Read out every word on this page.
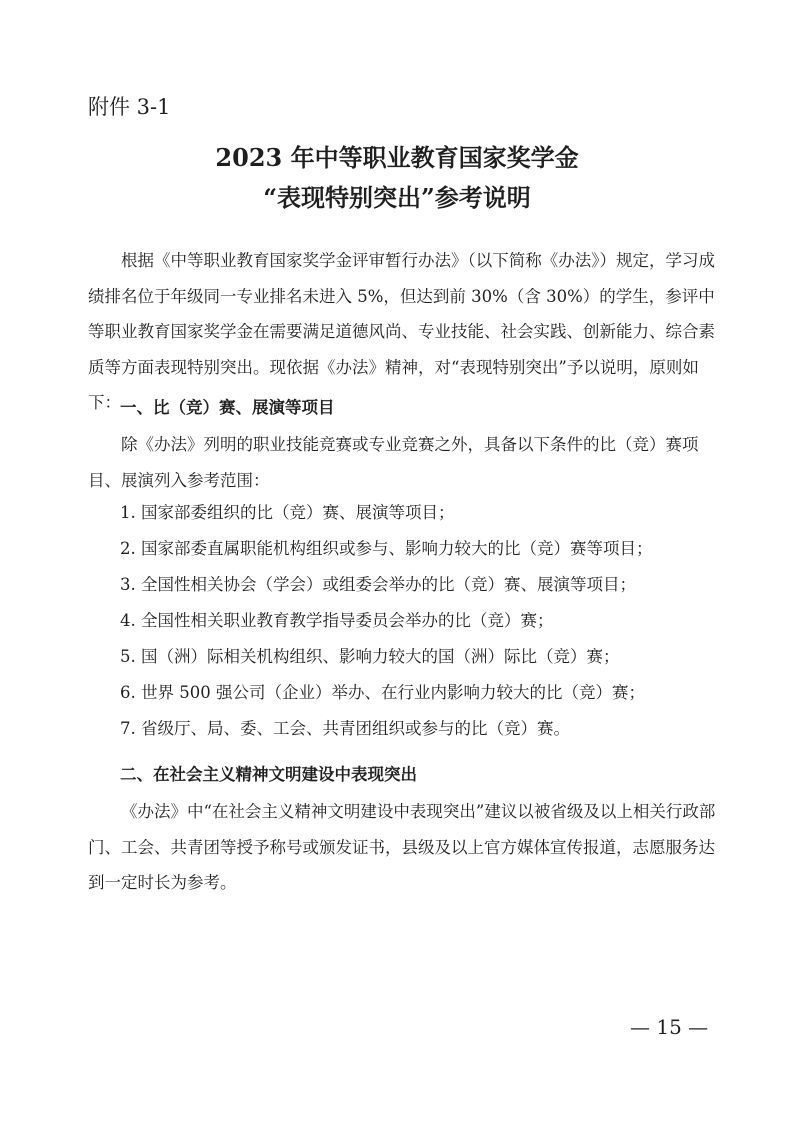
附件 3-1
2023 年中等职业教育国家奖学金
“表现特别突出”参考说明

根据《中等职业教育国家奖学金评审暂行办法》（以下简称《办法》）规定，学习成绩排名位于年级同一专业排名未进入 5%，但达到前 30%（含 30%）的学生，参评中等职业教育国家奖学金在需要满足道德风尚、专业技能、社会实践、创新能力、综合素质等方面表现特别突出。现依据《办法》精神，对“表现特别突出”予以说明，原则如下： 一、比（竞）赛、展演等项目

除《办法》列明的职业技能竞赛或专业竞赛之外，具备以下条件的比（竞）赛项目、展演列入参考范围：

1. 国家部委组织的比（竞）赛、展演等项目；
2. 国家部委直属职能机构组织或参与、影响力较大的比（竞）赛等项目；
3. 全国性相关协会（学会）或组委会举办的比（竞）赛、展演等项目；
4. 全国性相关职业教育教学指导委员会举办的比（竞）赛；
5. 国（洲）际相关机构组织、影响力较大的国（洲）际比（竞）赛；
6. 世界 500 强公司（企业）举办、在行业内影响力较大的比（竞）赛；
7. 省级厅、局、委、工会、共青团组织或参与的比（竞）赛。
二、在社会主义精神文明建设中表现突出

《办法》中“在社会主义精神文明建设中表现突出”建议以被省级及以上相关行政部门、工会、共青团等授予称号或颁发证书，县级及以上官方媒体宣传报道，志愿服务达到一定时长为参考。

— 15 —
